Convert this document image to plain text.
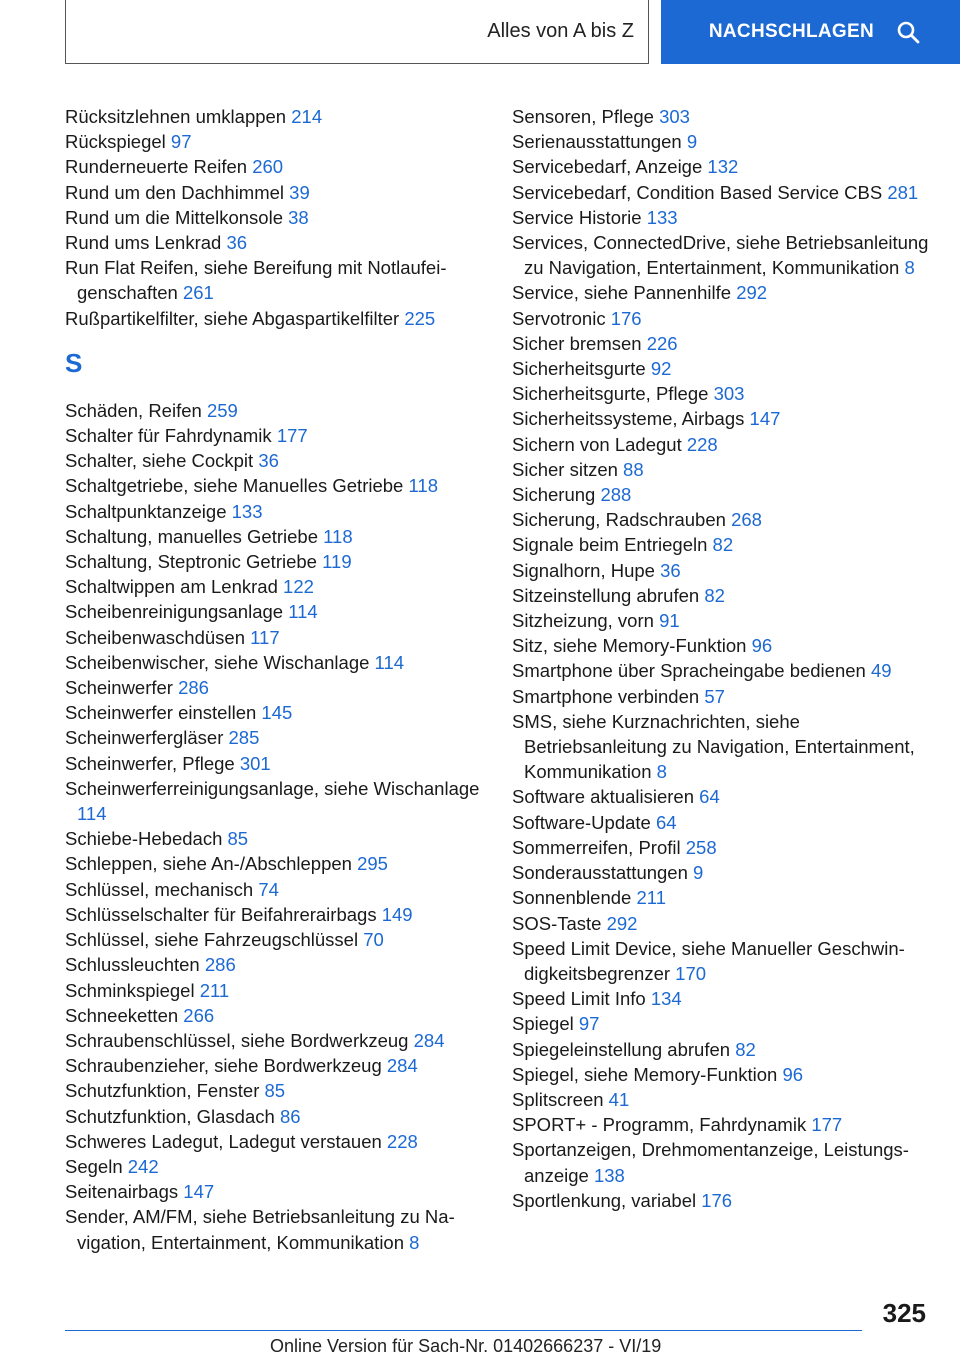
Alles von A bis Z	NACHSCHLAGEN

Rücksitzlehnen umklappen 214

Rückspiegel 97

Runderneuerte Reifen 260

Rund um den Dachhimmel 39

Rund um die Mittelkonsole 38

Rund ums Lenkrad 36

Run Flat Reifen, siehe Bereifung mit Notlaufeigenschaften 261

Rußpartikelfilter, siehe Abgaspartikelfilter 225

S

Schäden, Reifen 259

Schalter für Fahrdynamik 177

Schalter, siehe Cockpit 36

Schaltgetriebe, siehe Manuelles Getriebe 118

Schaltpunktanzeige 133

Schaltung, manuelles Getriebe 118

Schaltung, Steptronic Getriebe 119

Schaltwippen am Lenkrad 122

Scheibenreinigungsanlage 114

Scheibenwaschdüsen 117

Scheibenwischer, siehe Wischanlage 114

Scheinwerfer 286

Scheinwerfer einstellen 145

Scheinwerfergläser 285

Scheinwerfer, Pflege 301

Scheinwerferreinigungsanlage, siehe Wischanlage 114

Schiebe-Hebedach 85

Schleppen, siehe An-/Abschleppen 295

Schlüssel, mechanisch 74

Schlüsselschalter für Beifahrerairbags 149

Schlüssel, siehe Fahrzeugschlüssel 70

Schlussleuchten 286

Schminkspiegel 211

Schneeketten 266

Schraubenschlüssel, siehe Bordwerkzeug 284

Schraubenzieher, siehe Bordwerkzeug 284

Schutzfunktion, Fenster 85

Schutzfunktion, Glasdach 86

Schweres Ladegut, Ladegut verstauen 228

Segeln 242

Seitenairbags 147

Sender, AM/FM, siehe Betriebsanleitung zu Navigation, Entertainment, Kommunikation 8

Sensoren, Pflege 303

Serienausstattungen 9

Servicebedarf, Anzeige 132

Servicebedarf, Condition Based Service CBS 281

Service Historie 133

Services, ConnectedDrive, siehe Betriebsanleitung zu Navigation, Entertainment, Kommunikation 8

Service, siehe Pannenhilfe 292

Servotronic 176

Sicher bremsen 226

Sicherheitsgurte 92

Sicherheitsgurte, Pflege 303

Sicherheitssysteme, Airbags 147

Sichern von Ladegut 228

Sicher sitzen 88

Sicherung 288

Sicherung, Radschrauben 268

Signale beim Entriegeln 82

Signalhorn, Hupe 36

Sitzeinstellung abrufen 82

Sitzheizung, vorn 91

Sitz, siehe Memory-Funktion 96

Smartphone über Spracheingabe bedienen 49

Smartphone verbinden 57

SMS, siehe Kurznachrichten, siehe Betriebsanleitung zu Navigation, Entertainment, Kommunikation 8

Software aktualisieren 64

Software-Update 64

Sommerreifen, Profil 258

Sonderausstattungen 9

Sonnenblende 211

SOS-Taste 292

Speed Limit Device, siehe Manueller Geschwindigkeitsbegrenzer 170

Speed Limit Info 134

Spiegel 97

Spiegeleinstellung abrufen 82

Spiegel, siehe Memory-Funktion 96

Splitscreen 41

SPORT+ - Programm, Fahrdynamik 177

Sportanzeigen, Drehmomentanzeige, Leistungsanzeige 138

Sportlenkung, variabel 176

325
Online Version für Sach-Nr. 01402666237 - VI/19
